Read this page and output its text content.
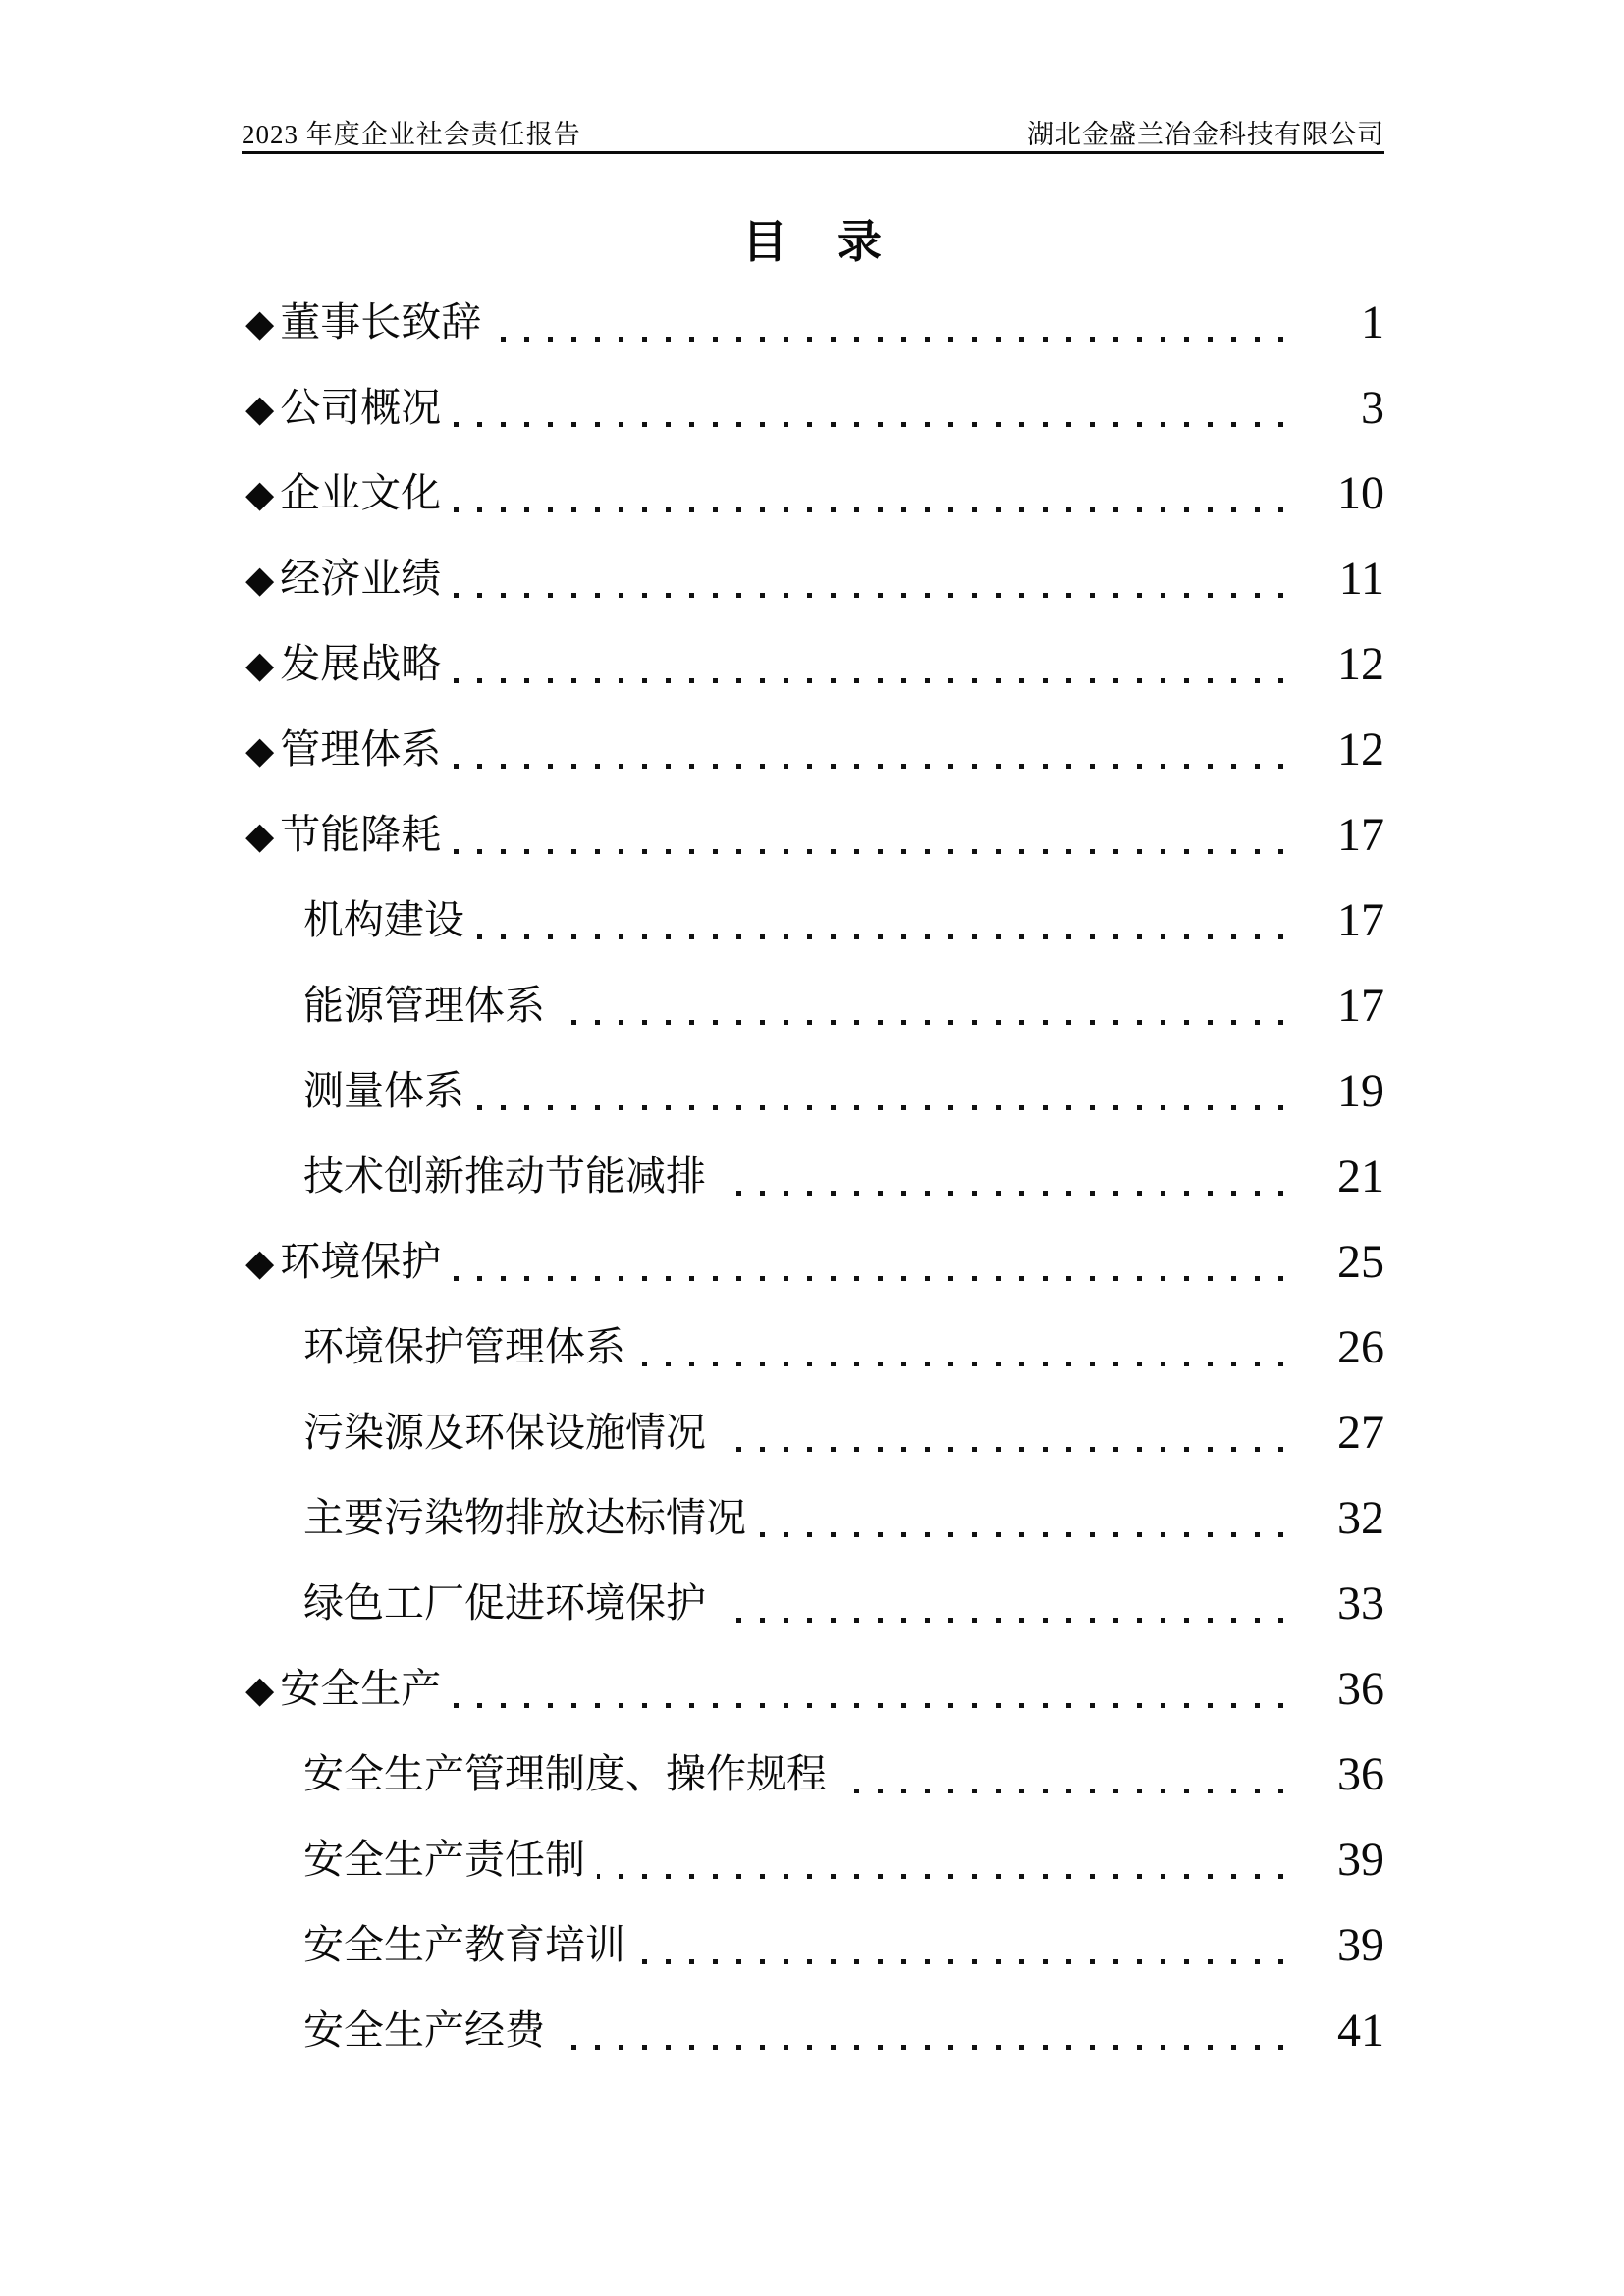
2023 年度企业社会责任报告	湖北金盛兰冶金科技有限公司
目　录
◆ 董事长致辞	1
◆ 公司概况	3
◆ 企业文化	10
◆ 经济业绩	11
◆ 发展战略	12
◆ 管理体系	12
◆ 节能降耗	17
机构建设	17
能源管理体系	17
测量体系	19
技术创新推动节能减排	21
◆ 环境保护	25
环境保护管理体系	26
污染源及环保设施情况	27
主要污染物排放达标情况	32
绿色工厂促进环境保护	33
◆ 安全生产	36
安全生产管理制度、操作规程	36
安全生产责任制	39
安全生产教育培训	39
安全生产经费	41
